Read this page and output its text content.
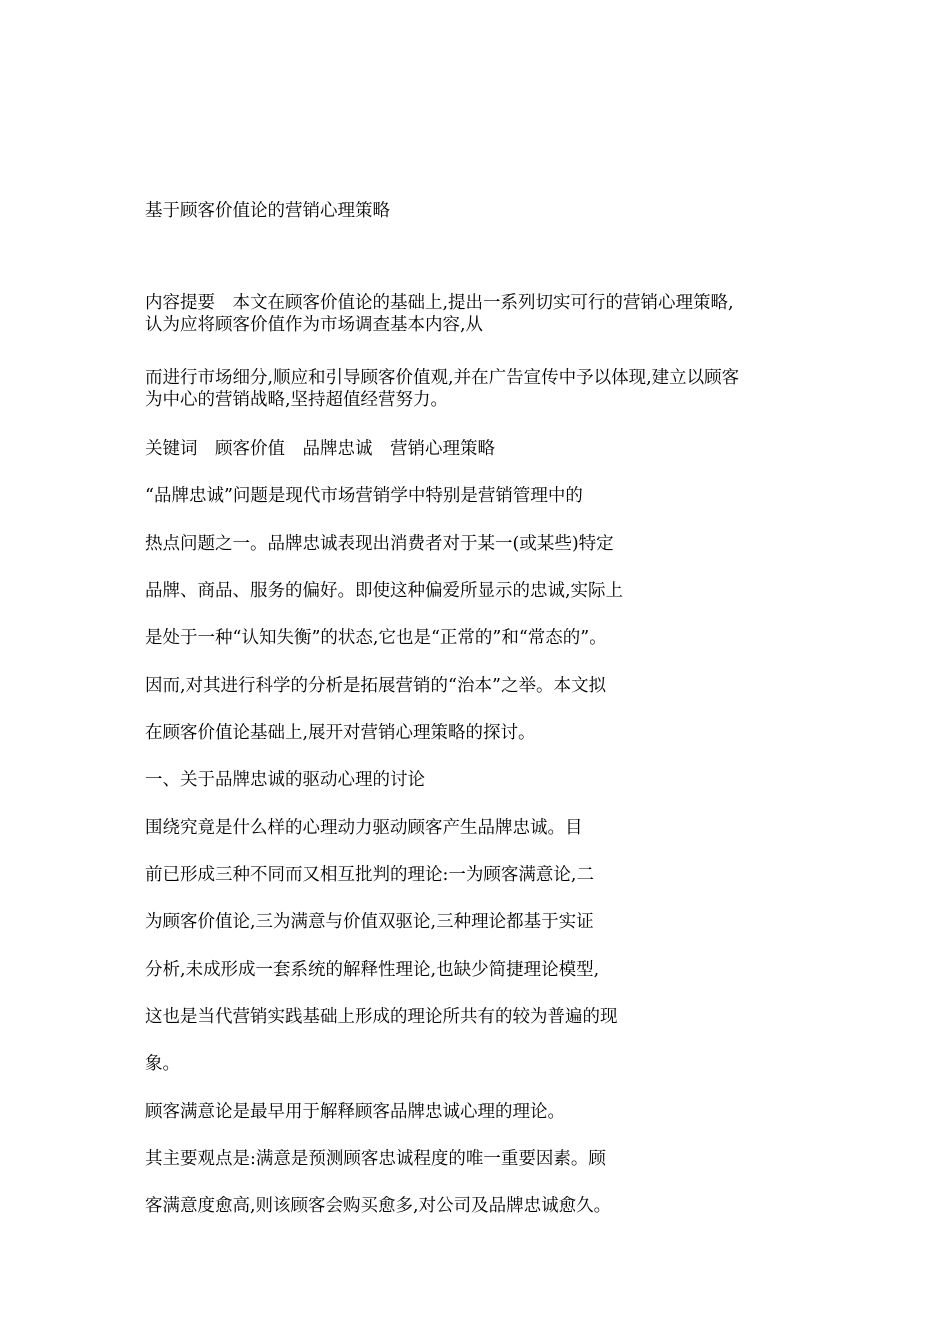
基于顾客价值论的营销心理策略
内容提要　本文在顾客价值论的基础上,提出一系列切实可行的营销心理策略,
认为应将顾客价值作为市场调查基本内容,从
而进行市场细分,顺应和引导顾客价值观,并在广告宣传中予以体现,建立以顾客
为中心的营销战略,坚持超值经营努力。
关键词　顾客价值　品牌忠诚　营销心理策略
“品牌忠诚”问题是现代市场营销学中特别是营销管理中的
热点问题之一。品牌忠诚表现出消费者对于某一(或某些)特定
品牌、商品、服务的偏好。即使这种偏爱所显示的忠诚,实际上
是处于一种“认知失衡”的状态,它也是“正常的”和“常态的”。
因而,对其进行科学的分析是拓展营销的“治本”之举。本文拟
在顾客价值论基础上,展开对营销心理策略的探讨。
一、关于品牌忠诚的驱动心理的讨论
围绕究竟是什么样的心理动力驱动顾客产生品牌忠诚。目
前已形成三种不同而又相互批判的理论:一为顾客满意论,二
为顾客价值论,三为满意与价值双驱论,三种理论都基于实证
分析,未成形成一套系统的解释性理论,也缺少简捷理论模型,
这也是当代营销实践基础上形成的理论所共有的较为普遍的现
象。
顾客满意论是最早用于解释顾客品牌忠诚心理的理论。
其主要观点是:满意是预测顾客忠诚程度的唯一重要因素。顾
客满意度愈高,则该顾客会购买愈多,对公司及品牌忠诚愈久。
